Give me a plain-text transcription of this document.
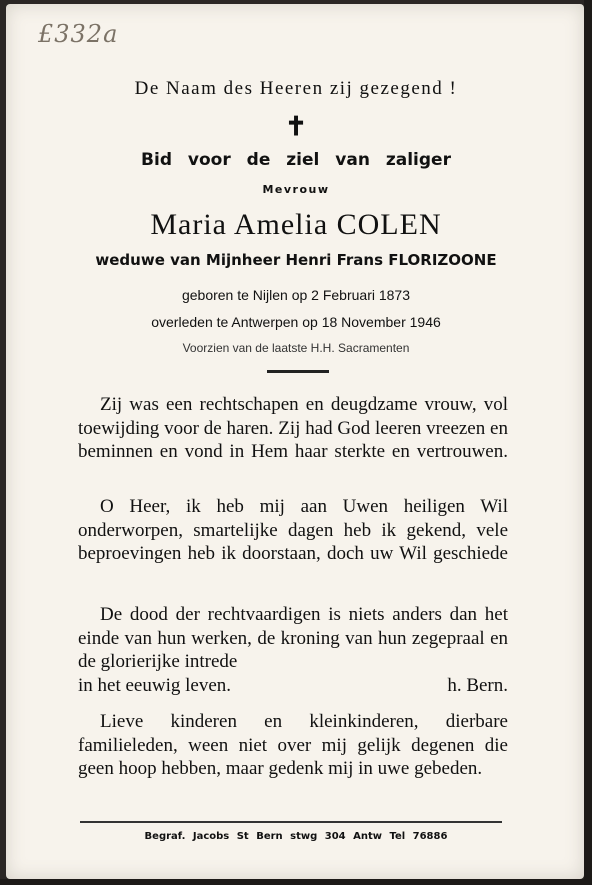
£332a
De Naam des Heeren zij gezegend !
✝
Bid voor de ziel van zaliger
Mevrouw
Maria Amelia COLEN
weduwe van Mijnheer Henri Frans FLORIZOONE
geboren te Nijlen op 2 Februari 1873
overleden te Antwerpen op 18 November 1946
Voorzien van de laatste H.H. Sacramenten
Zij was een rechtschapen en deugdzame vrouw, vol toewijding voor de haren. Zij had God leeren vreezen en beminnen en vond in Hem haar sterkte en vertrouwen.
O Heer, ik heb mij aan Uwen heiligen Wil onderworpen, smartelijke dagen heb ik gekend, vele beproevingen heb ik doorstaan, doch uw Wil geschiede
De dood der rechtvaardigen is niets anders dan het einde van hun werken, de kroning van hun zegepraal en de glorierijke intrede
in het eeuwig leven.	h. Bern.
Lieve kinderen en kleinkinderen, dierbare familieleden, ween niet over mij gelijk degenen die geen hoop hebben, maar gedenk mij in uwe gebeden.
Begraf. Jacobs St Bern stwg 304 Antw Tel 76886
